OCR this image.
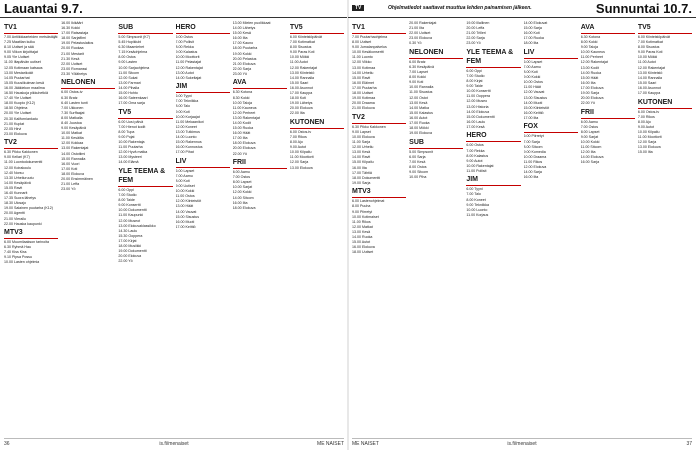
Lauantai 9.7.
TV1
7.00 Antiikkiaarteiden metsästäjät
7.25 Maatilan kulku
8.10 Uutiset ja sää
9.00 Viikon kirjoittajat
9.05 Yle Uutiset
11.00 Iltapäivän uutiset
12.05 Kotimaan katsaus
13.00 Mestarikokit
14.05 Puutarhat
15.05 Kuusiikulman kesä
16.00 Jääkiekon maailma
16.50 Hauskoja pikkuhetkiä
17.40 Yle Uutiset
18.00 Kuopio (K12)
18.50 Ohjelma
20.00 Yle Uutiset
20.30 Kaliforniankatu
21.00 Kuplat
22.05 Hirvi
23.00 Elokuva
TV2
6.30 Pikku Kakkonen
9.00 Kellari (K7)
11.00 Luontodokumentti
12.00 Koirakoulu
12.40 Norsu
13.30 Urheiluruutu
14.00 Kesäpäivä
15.05 Ravit
16.40 Kunnarit
17.35 Suora lähetys
18.30 Ulosajo
19.00 Salainen puutarha (K12)
20.00 Agentti
21.00 Vierailu
22.00 Hauska kaupunki
MTV3
6.00 Muumilaakson tarinoita
6.30 Ryhmä Hau
7.40 Kiss Kiss
9.10 Pipsa Possu
10.00 Lasten ohjelmia
16.00 Ikikäärt
16.30 Kokki
17.00 Ratsastaja
18.00 Sarjafilmi
19.00 Pelastuslaitos
20.00 Ruokaa
21.00 Mestarit
21.30 Kesä
22.00 Uutiset
23.00 Romanssi
23.30 Yölähetys
NELONEN
6.00 Ostos-tv
6.30 Bratz
6.40 Lasten tunti
7.00 Ukkonen
7.30 Surffaajat
8.00 Matkalla
8.40 Juustoa
9.00 Kesäpäivä
10.00 Matkat
11.00 Kesäilta
12.00 Kokkaa
13.00 Rakentajat
14.00 Ostotiimi
15.00 Rannalla
16.00 Vuori
17.00 Koti
18.00 Elokuva
20.00 Ensimmäinen
21.00 Leffa
23.00 Yö
SUB
5.00 Simpsonit (K7)
5.45 Hupiklubi
6.30 Maamiehet
7.15 Kesäohjelma
8.00 Ostos
9.00 Lasten
10.00 Sarjaohjelma
11.00 Sitcom
12.00 Sukat
13.00 Farmari
14.00 Pihalla
15.00 Hohto
16.00 Sateenkaari
17.00 Oma sarja
TV5
6.00 Uusi päivä
7.00 Hienot kodit
8.00 Tupa
9.00 Pojat
10.00 Rakentaja
11.00 Puutarha
12.00 Hyvä matka
13.00 Mysteeri
14.00 Elämä
YLE TEEMA & FEM
6.00 Oppi
7.00 Studio
8.00 Taide
9.00 Konsertti
10.00 Dokumentti
11.00 Kaupunki
12.00 Museot
13.00 Elokuvaklassikko
14.30 Laulu
15.30 Ooppera
17.00 Kirjat
18.00 Musiikki
19.00 Dokumentti
20.00 Elokuva
22.00 Yö
HERO
6.00 Ostos
7.00 Poliisit
8.00 Rekka
9.00 Kalastus
10.00 Moottorit
11.00 Pelastajat
12.00 Rakentajat
13.00 Autot
14.00 Sukeltajat
JIM
6.00 Tyyni
7.00 Tekniikka
8.00 Talo
9.00 Koti
10.00 Korjaajat
11.00 Mekaanikot
12.00 Koneet
13.00 Tutkimus
14.00 Luonto
15.00 Rakennus
16.00 Kunnostus
17.00 Pihat
LIV
6.00 Lapset
7.00 Aamu
8.00 Koti
9.00 Uutiset
10.00 Kokki
11.00 Ostos
12.00 Kiinteistöt
13.00 Häät
14.00 Vauvat
15.00 Sisustus
16.00 Muoti
17.00 Keittiö
13.00 Mielen puolikkaat
14.00 Lähetys
15.00 Kesä
16.00 Ilta
17.00 Kauno
18.00 Puutarha
19.00 Kokki
20.00 Pelastus
21.00 Elokuva
22.00 Sarja
23.00 Yö
AVA
6.30 Kotona
8.30 Kokki
10.00 Taloja
11.00 Kauneus
12.00 Perheet
13.00 Rakentajat
14.00 Kodit
15.00 Ruoka
16.00 Häät
17.00 Ilta
18.00 Elokuva
20.00 Elokuva
22.00 Yö
FRII
6.00 Aamu
7.00 Ostos
8.00 Lapset
10.00 Sarjat
12.00 Kokki
14.00 Sitcom
16.00 Ilta
18.00 Elokuva
TV5
6.00 Kiinteistöpäivät
7.00 Kotimatkat
8.00 Sisustus
9.00 Paras Koti
10.00 Mökki
11.00 Autot
12.00 Rakentajat
13.00 Kiinteistö
14.00 Rannalla
15.00 Saari
16.00 Asunnot
17.00 Kauppa
18.00 Koti
19.00 Lähetys
20.00 Elokuva
22.00 Ilta
KUTONEN
6.00 Ostos-tv
7.00 Rikos
8.00 Ajo
9.00 Autot
10.00 Kilpailu
11.00 Moottorit
12.00 Sarja
13.00 Elokuva
36	is.fi/menaiset	ME NAISET
TV	Ohjelmatiedot saattavat muuttua lehden painamisen jälkeen.	Sunnuntai 10.7.
TV1
7.00 Puutarhaohjelma
8.00 Uutiset
9.00 Jumalanpalvelus
10.00 Kesäkonsertti
11.00 Luonto
12.00 Viikko
13.00 Kotimaa
14.00 Urheilu
15.00 Ravit
16.00 Eläimet
17.00 Puutarha
18.00 Uutiset
19.00 Kotimaa
20.00 Draama
21.00 Elokuva
TV2
6.30 Pikku Kakkonen
9.00 Lapset
10.00 Elokuva
11.00 Sarja
12.00 Urheilu
13.00 Kesä
14.00 Ravit
15.00 Kilpailu
16.00 Ilta
17.00 Tähtiä
18.00 Dokumentti
19.00 Sarja
MTV3
6.00 Lastenohjelmat
8.00 Puuha
9.00 Piirretyt
10.00 Kotimaiset
11.00 Rikos
12.00 Matkat
13.00 Kesä
14.00 Ruoka
15.00 Autot
16.00 Elokuva
18.00 Uutiset
20.00 Rakentajat
21.00 Ilta
22.00 Uutiset
23.00 Elokuva
0.30 Yö
NELONEN
6.00 Bratz
6.30 Kesäpäivä
7.00 Lapset
8.00 Kokki
9.00 Koti
10.00 Rannalla
11.00 Sisustus
12.00 Ostot
13.00 Kesä
14.00 Matka
15.00 Kalastus
16.00 Autot
17.00 Ruoka
18.00 Mökki
19.00 Elokuva
SUB
5.00 Simpsonit
6.00 Sarja
7.00 Kesä
8.00 Ostos
9.00 Sitcom
10.00 Piha
19.00 Illallinen
20.00 Leffa
21.00 Trilleri
22.00 Sarja
23.00 Yö
YLE TEEMA & FEM
6.00 Oppi
7.00 Studio
8.00 Kirjat
9.00 Taide
10.00 Konsertti
11.00 Ooppera
12.00 Museo
13.00 Historia
14.00 Elokuva
15.00 Dokumentti
16.00 Laulu
17.00 Kesä
HERO
6.00 Ostos
7.00 Rekka
8.00 Kalastus
9.00 Autot
10.00 Rakentajat
11.00 Poliisit
JIM
6.00 Tyyni
7.00 Talo
8.00 Koneet
9.00 Tekniikka
10.00 Luonto
11.00 Korjaus
14.00 Elokuvat
15.00 Sarja
16.00 Koti
17.00 Ruoka
18.00 Ilta
LIV
6.00 Lapset
7.00 Aamu
8.00 Koti
9.00 Kokki
10.00 Ostos
11.00 Häät
12.00 Vauvat
13.00 Sisustus
14.00 Muoti
15.00 Kiinteistöt
16.00 Keittiö
17.00 Ilta
FOX
6.00 Piirretyt
7.00 Sarja
8.00 Sitcom
9.00 Komedia
10.00 Draama
11.00 Rikos
12.00 Elokuva
14.00 Sarja
16.00 Ilta
AVA
6.30 Kotona
8.00 Kokki
9.00 Taloja
10.00 Kauneus
11.00 Perheet
12.00 Rakentajat
13.00 Kodit
14.00 Ruoka
15.00 Häät
16.00 Ilta
17.00 Elokuva
19.00 Sarja
20.00 Elokuva
22.00 Yö
FRII
6.00 Aamu
7.00 Ostos
8.00 Lapset
9.00 Sarjat
10.00 Kokki
11.00 Sitcom
12.00 Ilta
14.00 Elokuva
16.00 Sarja
TV5
6.00 Kiinteistöpäivät
7.00 Kotimatkat
8.00 Sisustus
9.00 Paras Koti
10.00 Mökki
11.00 Autot
12.00 Rakentajat
13.00 Kiinteistö
14.00 Rannalla
15.00 Saari
16.00 Asunnot
17.00 Kauppa
KUTONEN
6.00 Ostos-tv
7.00 Rikos
8.00 Ajo
9.00 Autot
10.00 Kilpailu
11.00 Moottorit
12.00 Sarja
13.00 Elokuva
15.00 Ilta
ME NAISET	is.fi/menaiset	37
